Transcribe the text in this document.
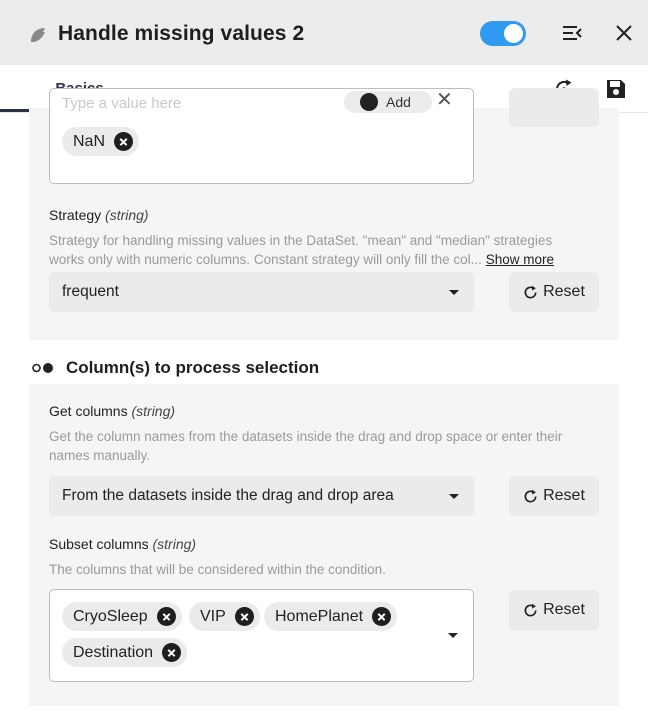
Handle missing values 2
Type a value here	Add ✕
NaN
Strategy (string)
Strategy for handling missing values in the DataSet. "mean" and "median" strategies works only with numeric columns. Constant strategy will only fill the col... Show more
frequent	Reset
Column(s) to process selection
Get columns (string)
Get the column names from the datasets inside the drag and drop space or enter their names manually.
From the datasets inside the drag and drop area	Reset
Subset columns (string)
The columns that will be considered within the condition.
CryoSleep	VIP	HomePlanet
Destination
Reset
